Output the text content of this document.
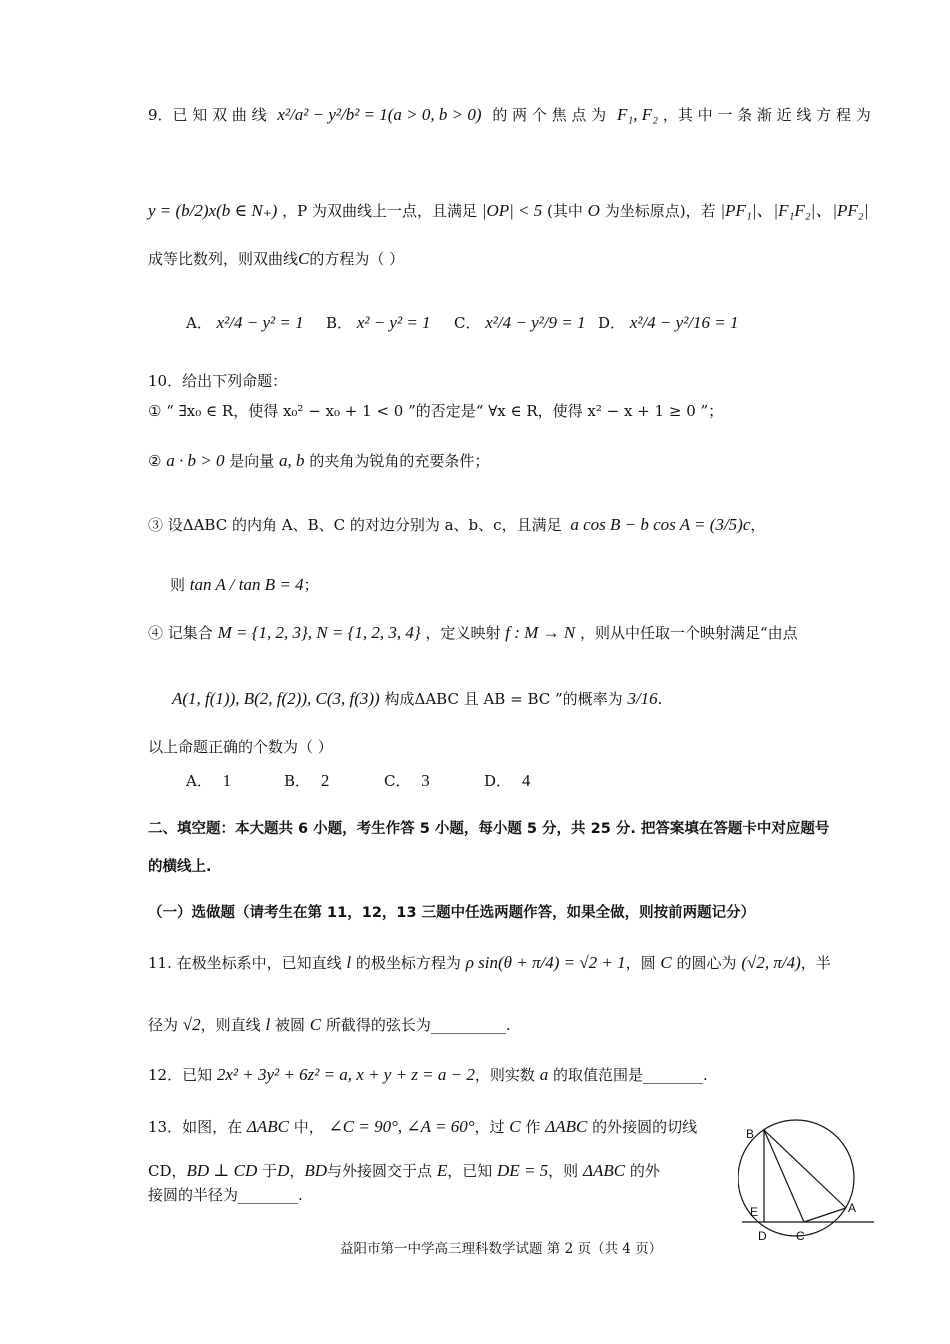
9．已 知 双 曲 线 x²/a² − y²/b² = 1(a > 0, b > 0) 的 两 个 焦 点 为 F₁, F₂ ，其 中 一 条 渐 近 线 方 程 为
y = (b/2)x(b ∈ N₊) ，P 为双曲线上一点，且满足 |OP| < 5 (其中 O 为坐标原点)，若 |PF₁|、|F₁F₂|、|PF₂|
成等比数列，则双曲线C的方程为（ ）
A． x²/4 − y² = 1 B． x² − y² = 1 C． x²/4 − y²/9 = 1 D． x²/4 − y²/16 = 1
10．给出下列命题：
① “ ∃x₀ ∈ R，使得 x₀² − x₀ + 1 < 0 ”的否定是“ ∀x ∈ R，使得 x² − x + 1 ≥ 0 ”；
② a · b > 0 是向量 a, b 的夹角为锐角的充要条件；
③ 设ΔABC 的内角 A、B、C 的对边分别为 a、b、c，且满足 a cos B − b cos A = (3/5)c，
则 tan A / tan B = 4；
④ 记集合 M = {1, 2, 3}, N = {1, 2, 3, 4} ，定义映射 f : M → N ，则从中任取一个映射满足“由点
A(1, f(1)), B(2, f(2)), C(3, f(3)) 构成ΔABC 且 AB = BC ”的概率为 3/16.
以上命题正确的个数为（ ）
A． 1	B． 2	C． 3	D． 4
二、填空题：本大题共 6 小题，考生作答 5 小题，每小题 5 分，共 25 分. 把答案填在答题卡中对应题号
的横线上.
（一）选做题（请考生在第 11，12，13 三题中任选两题作答，如果全做，则按前两题记分）
11. 在极坐标系中，已知直线 l 的极坐标方程为 ρ sin(θ + π/4) = √2 + 1，圆 C 的圆心为 (√2, π/4)，半
径为 √2，则直线 l 被圆 C 所截得的弦长为__________.
12．已知 2x² + 3y² + 6z² = a, x + y + z = a − 2，则实数 a 的取值范围是________.
13．如图，在 ΔABC 中， ∠C = 90°, ∠A = 60°，过 C 作 ΔABC 的外接圆的切线
CD，BD ⊥ CD 于D，BD与外接圆交于点 E，已知 DE = 5，则 ΔABC 的外
接圆的半径为________.
B
E
D C
A
益阳市第一中学高三理科数学试题 第 2 页（共 4 页）
